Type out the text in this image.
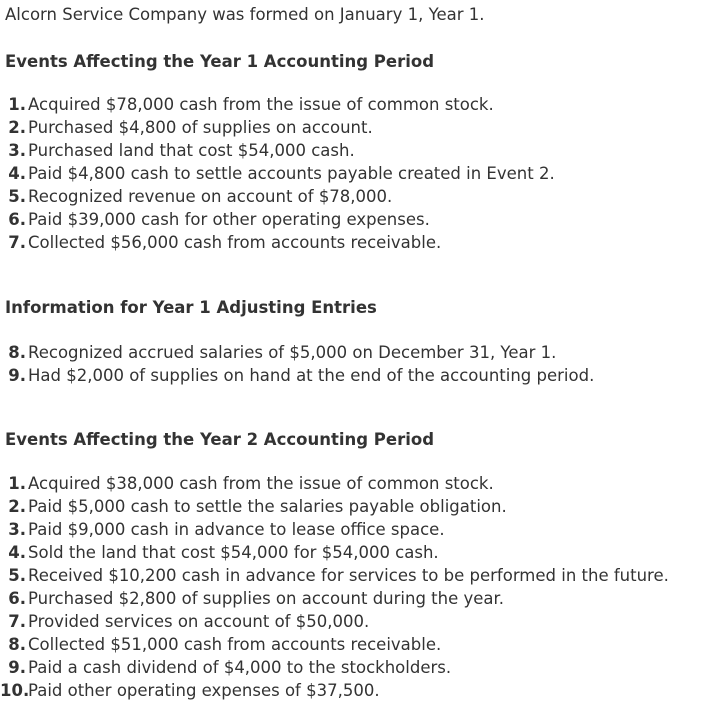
Alcorn Service Company was formed on January 1, Year 1.
Events Affecting the Year 1 Accounting Period
1. Acquired $78,000 cash from the issue of common stock.
2. Purchased $4,800 of supplies on account.
3. Purchased land that cost $54,000 cash.
4. Paid $4,800 cash to settle accounts payable created in Event 2.
5. Recognized revenue on account of $78,000.
6. Paid $39,000 cash for other operating expenses.
7. Collected $56,000 cash from accounts receivable.
Information for Year 1 Adjusting Entries
8. Recognized accrued salaries of $5,000 on December 31, Year 1.
9. Had $2,000 of supplies on hand at the end of the accounting period.
Events Affecting the Year 2 Accounting Period
1. Acquired $38,000 cash from the issue of common stock.
2. Paid $5,000 cash to settle the salaries payable obligation.
3. Paid $9,000 cash in advance to lease office space.
4. Sold the land that cost $54,000 for $54,000 cash.
5. Received $10,200 cash in advance for services to be performed in the future.
6. Purchased $2,800 of supplies on account during the year.
7. Provided services on account of $50,000.
8. Collected $51,000 cash from accounts receivable.
9. Paid a cash dividend of $4,000 to the stockholders.
10.Paid other operating expenses of $37,500.
